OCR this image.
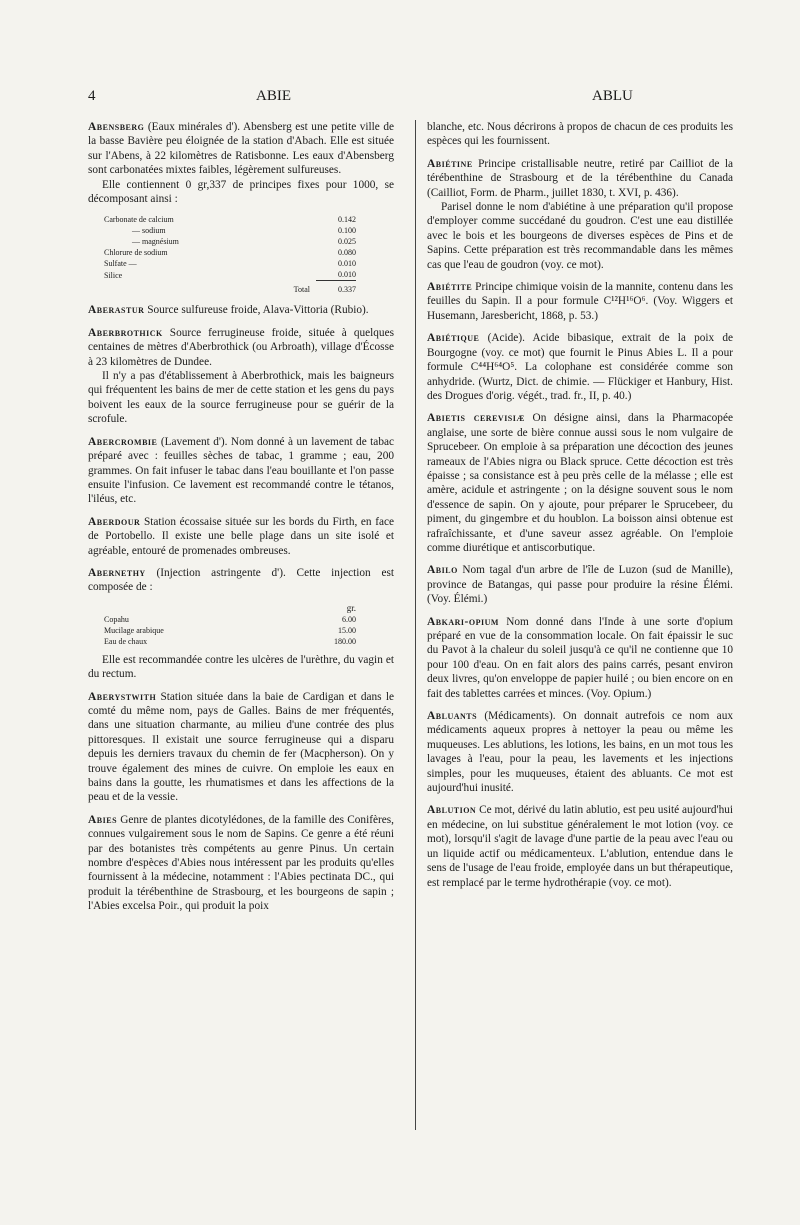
4	ABIE	ABLU

Abensberg (Eaux minérales d'). Abensberg est une petite ville de la basse Bavière peu éloignée de la station d'Abach. Elle est située sur l'Abens, à 22 kilomètres de Ratisbonne. Les eaux d'Abensberg sont carbonatées mixtes faibles, légèrement sulfureuses.

Elle contiennent 0 gr,337 de principes fixes pour 1000, se décomposant ainsi :

Carbonate de calcium	0.142
— sodium	0.100
— magnésium	0.025
Chlorure de sodium	0.080
Sulfate —	0.010
Silice	0.010
Total	0.337

Aberastur Source sulfureuse froide, Alava-Vittoria (Rubio).

Aberbrothick Source ferrugineuse froide, située à quelques centaines de mètres d'Aberbrothick (ou Arbroath), village d'Écosse à 23 kilomètres de Dundee.

Il n'y a pas d'établissement à Aberbrothick, mais les baigneurs qui fréquentent les bains de mer de cette station et les gens du pays boivent les eaux de la source ferrugineuse pour se guérir de la scrofule.

Abercrombie (Lavement d'). Nom donné à un lavement de tabac préparé avec : feuilles sèches de tabac, 1 gramme ; eau, 200 grammes. On fait infuser le tabac dans l'eau bouillante et l'on passe ensuite l'infusion. Ce lavement est recommandé contre le tétanos, l'iléus, etc.

Aberdour Station écossaise située sur les bords du Firth, en face de Portobello. Il existe une belle plage dans un site isolé et agréable, entouré de promenades ombreuses.

Abernethy (Injection astringente d'). Cette injection est composée de :

	gr.
Copahu	6.00
Mucilage arabique	15.00
Eau de chaux	180.00

Elle est recommandée contre les ulcères de l'urèthre, du vagin et du rectum.

Aberystwith Station située dans la baie de Cardigan et dans le comté du même nom, pays de Galles. Bains de mer fréquentés, dans une situation charmante, au milieu d'une contrée des plus pittoresques. Il existait une source ferrugineuse qui a disparu depuis les derniers travaux du chemin de fer (Macpherson). On y trouve également des mines de cuivre. On emploie les eaux en bains dans la goutte, les rhumatismes et dans les affections de la peau et de la vessie.

Abies Genre de plantes dicotylédones, de la famille des Conifères, connues vulgairement sous le nom de Sapins. Ce genre a été réuni par des botanistes très compétents au genre Pinus. Un certain nombre d'espèces d'Abies nous intéressent par les produits qu'elles fournissent à la médecine, notamment : l'Abies pectinata DC., qui produit la térébenthine de Strasbourg, et les bourgeons de sapin ; l'Abies excelsa Poir., qui produit la poix

blanche, etc. Nous décrirons à propos de chacun de ces produits les espèces qui les fournissent.

Abiétine Principe cristallisable neutre, retiré par Cailliot de la térébenthine de Strasbourg et de la térébenthine du Canada (Cailliot, Form. de Pharm., juillet 1830, t. XVI, p. 436).

Parisel donne le nom d'abiétine à une préparation qu'il propose d'employer comme succédané du goudron. C'est une eau distillée avec le bois et les bourgeons de diverses espèces de Pins et de Sapins. Cette préparation est très recommandable dans les mêmes cas que l'eau de goudron (voy. ce mot).

Abiétite Principe chimique voisin de la mannite, contenu dans les feuilles du Sapin. Il a pour formule C¹²H¹⁶O⁶. (Voy. Wiggers et Husemann, Jaresbericht, 1868, p. 53.)

Abiétique (Acide). Acide bibasique, extrait de la poix de Bourgogne (voy. ce mot) que fournit le Pinus Abies L. Il a pour formule C⁴⁴H⁶⁴O⁵. La colophane est considérée comme son anhydride. (Wurtz, Dict. de chimie. — Flückiger et Hanbury, Hist. des Drogues d'orig. végét., trad. fr., II, p. 40.)

Abietis cerevisiæ On désigne ainsi, dans la Pharmacopée anglaise, une sorte de bière connue aussi sous le nom vulgaire de Sprucebeer. On emploie à sa préparation une décoction des jeunes rameaux de l'Abies nigra ou Black spruce. Cette décoction est très épaisse ; sa consistance est à peu près celle de la mélasse ; elle est amère, acidule et astringente ; on la désigne souvent sous le nom d'essence de sapin. On y ajoute, pour préparer le Sprucebeer, du piment, du gingembre et du houblon. La boisson ainsi obtenue est rafraîchissante, et d'une saveur assez agréable. On l'emploie comme diurétique et antiscorbutique.

Abilo Nom tagal d'un arbre de l'île de Luzon (sud de Manille), province de Batangas, qui passe pour produire la résine Élémi. (Voy. Élémi.)

Abkari-opium Nom donné dans l'Inde à une sorte d'opium préparé en vue de la consommation locale. On fait épaissir le suc du Pavot à la chaleur du soleil jusqu'à ce qu'il ne contienne que 10 pour 100 d'eau. On en fait alors des pains carrés, pesant environ deux livres, qu'on enveloppe de papier huilé ; ou bien encore on en fait des tablettes carrées et minces. (Voy. Opium.)

Abluants (Médicaments). On donnait autrefois ce nom aux médicaments aqueux propres à nettoyer la peau ou même les muqueuses. Les ablutions, les lotions, les bains, en un mot tous les lavages à l'eau, pour la peau, les lavements et les injections simples, pour les muqueuses, étaient des abluants. Ce mot est aujourd'hui inusité.

Ablution Ce mot, dérivé du latin ablutio, est peu usité aujourd'hui en médecine, on lui substitue généralement le mot lotion (voy. ce mot), lorsqu'il s'agit de lavage d'une partie de la peau avec l'eau ou un liquide actif ou médicamenteux. L'ablution, entendue dans le sens de l'usage de l'eau froide, employée dans un but thérapeutique, est remplacé par le terme hydrothérapie (voy. ce mot).
